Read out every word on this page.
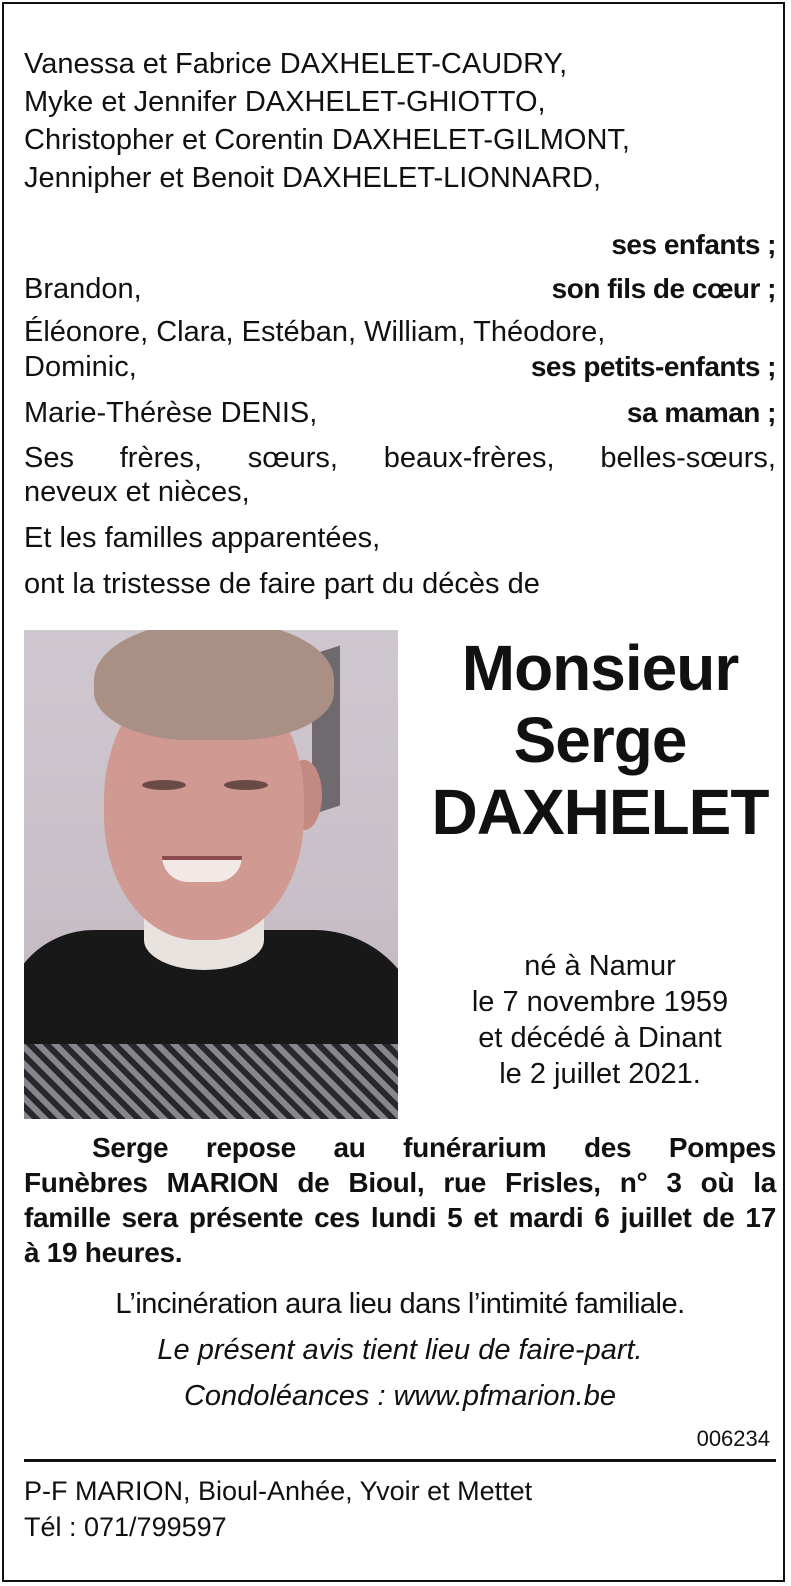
Vanessa et Fabrice DAXHELET-CAUDRY,
Myke et Jennifer DAXHELET-GHIOTTO,
Christopher et Corentin DAXHELET-GILMONT,
Jennipher et Benoit DAXHELET-LIONNARD,
ses enfants ;
Brandon,	son fils de cœur ;
Éléonore, Clara, Estéban, William, Théodore,
Dominic,	ses petits-enfants ;
Marie-Thérèse DENIS,	sa maman ;
Ses frères, sœurs, beaux-frères, belles-sœurs,
neveux et nièces,
Et les familles apparentées,
ont la tristesse de faire part du décès de
Monsieur
Serge
DAXHELET
né à Namur
le 7 novembre 1959
et décédé à Dinant
le 2 juillet 2021.
Serge repose au funérarium des Pompes
Funèbres MARION de Bioul, rue Frisles, n° 3 où la
famille sera présente ces lundi 5 et mardi 6 juillet de 17
à 19 heures.
L’incinération aura lieu dans l’intimité familiale.
Le présent avis tient lieu de faire-part.
Condoléances : www.pfmarion.be
006234
P-F MARION, Bioul-Anhée, Yvoir et Mettet
Tél : 071/799597
